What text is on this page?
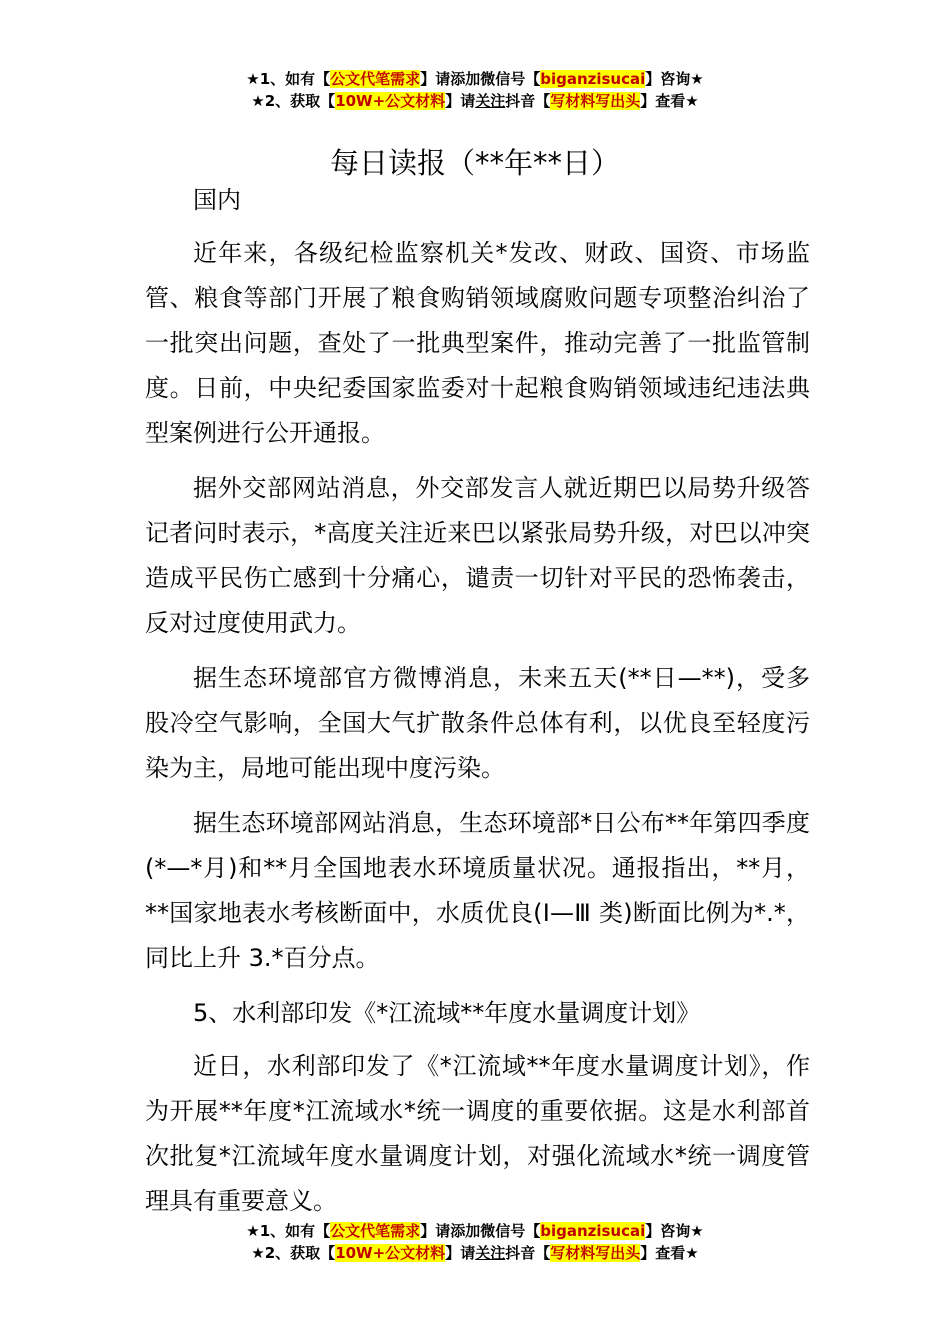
★1、如有【公文代笔需求】请添加微信号【biganzisucai】咨询★
★2、获取【10W+公文材料】请关注抖音【写材料写出头】查看★
每日读报（**年**日）

国内

近年来，各级纪检监察机关*发改、财政、国资、市场监管、粮食等部门开展了粮食购销领域腐败问题专项整治纠治了一批突出问题，查处了一批典型案件，推动完善了一批监管制度。日前，中央纪委国家监委对十起粮食购销领域违纪违法典型案例进行公开通报。

据外交部网站消息，外交部发言人就近期巴以局势升级答记者问时表示，*高度关注近来巴以紧张局势升级，对巴以冲突造成平民伤亡感到十分痛心，谴责一切针对平民的恐怖袭击，反对过度使用武力。

据生态环境部官方微博消息，未来五天(**日—**)，受多股冷空气影响，全国大气扩散条件总体有利，以优良至轻度污染为主，局地可能出现中度污染。

据生态环境部网站消息，生态环境部*日公布**年第四季度(*—*月)和**月全国地表水环境质量状况。通报指出，**月，**国家地表水考核断面中，水质优良(Ⅰ—Ⅲ 类)断面比例为*.*，同比上升 3.*百分点。

5、水利部印发《*江流域**年度水量调度计划》

近日，水利部印发了《*江流域**年度水量调度计划》，作为开展**年度*江流域水*统一调度的重要依据。这是水利部首次批复*江流域年度水量调度计划，对强化流域水*统一调度管理具有重要意义。

★1、如有【公文代笔需求】请添加微信号【biganzisucai】咨询★
★2、获取【10W+公文材料】请关注抖音【写材料写出头】查看★
